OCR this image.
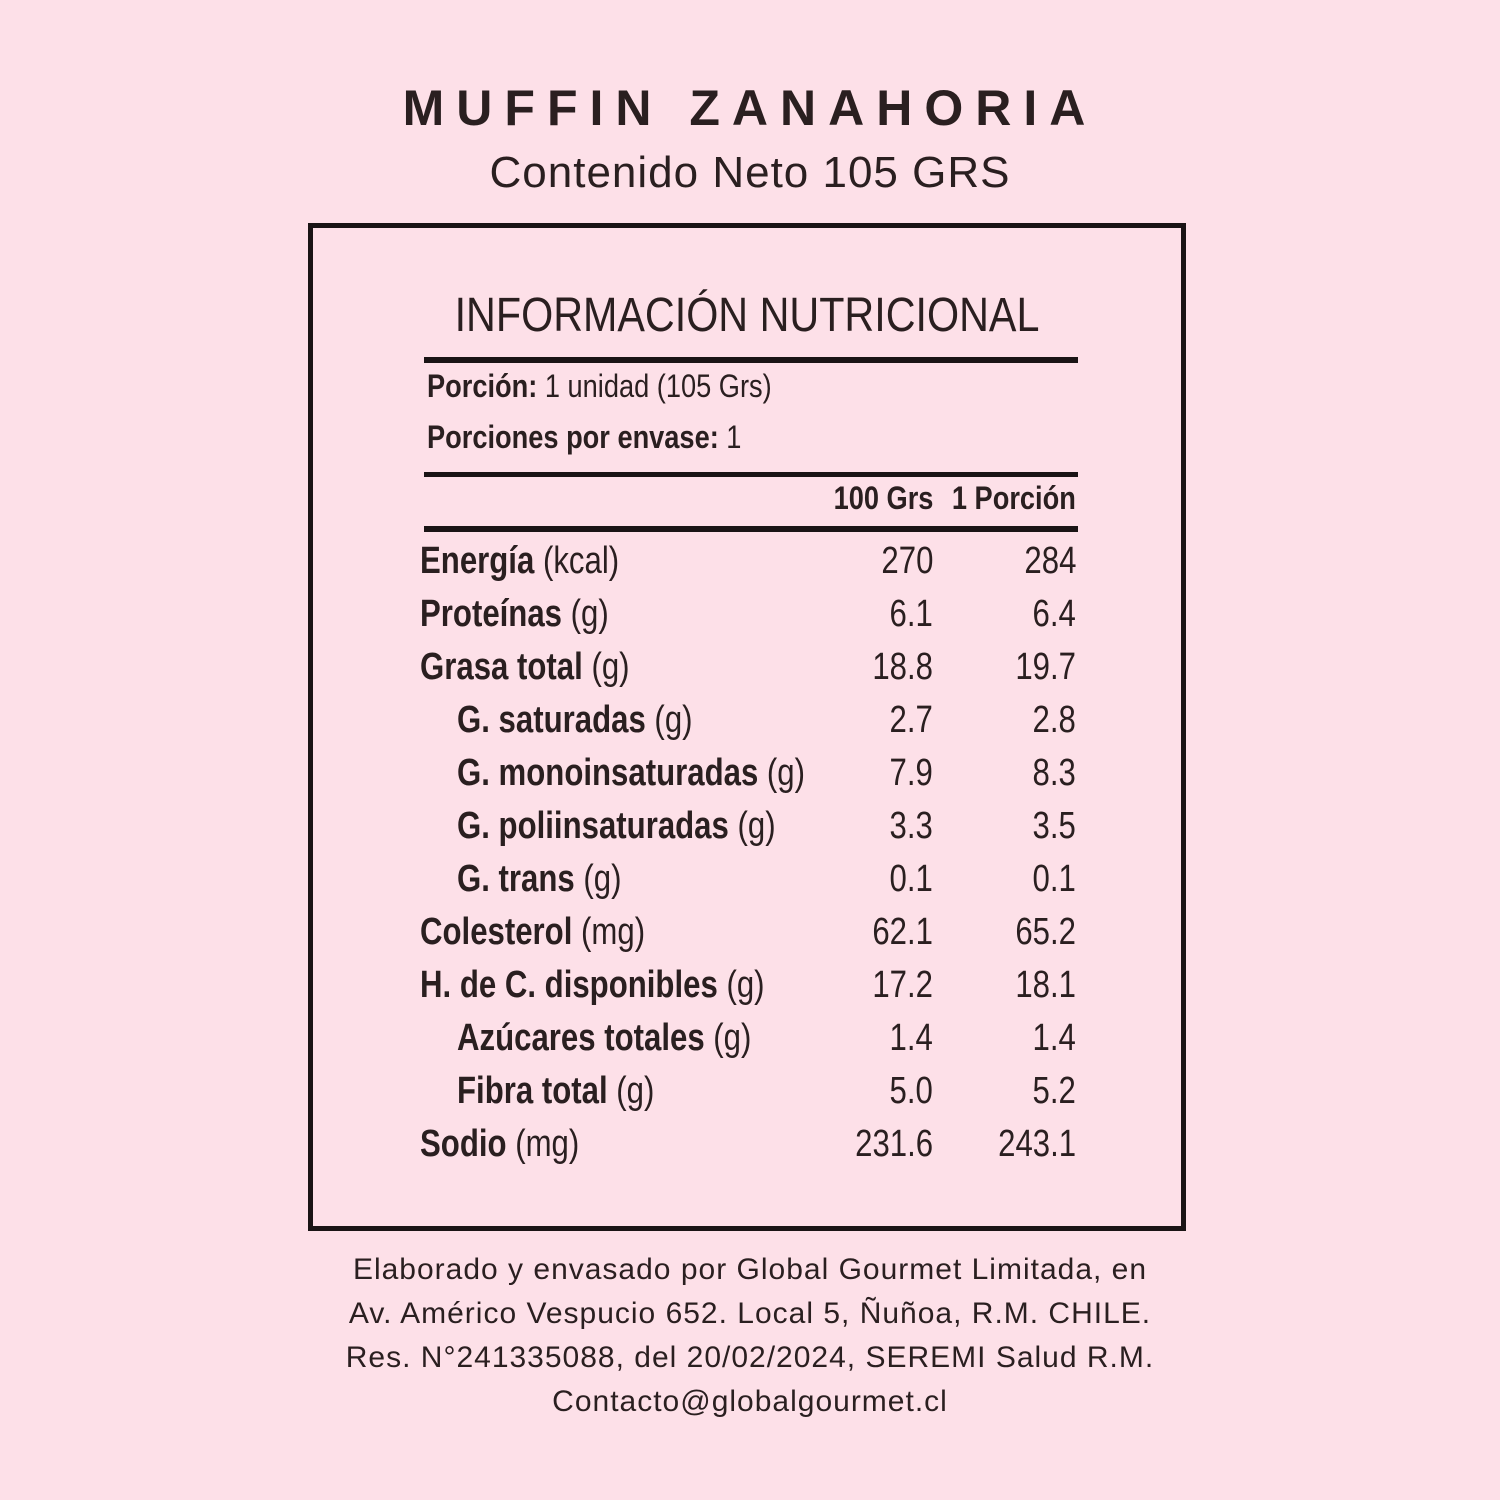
MUFFIN ZANAHORIA
Contenido Neto 105 GRS
INFORMACIÓN NUTRICIONAL
Porción: 1 unidad (105 Grs)
Porciones por envase: 1
100 Grs 1 Porción
Energía (kcal)	270 284
Proteínas (g)	6.1	6.4
Grasa total (g)	18.8 19.7
G. saturadas (g)	2.7	2.8
G. monoinsaturadas (g) 7.9	8.3
G. poliinsaturadas (g)	3.3	3.5
G. trans (g)	0.1	0.1
Colesterol (mg)	62.1 65.2
H. de C. disponibles (g)	17.2 18.1
Azúcares totales (g)	1.4	1.4
Fibra total (g)	5.0	5.2
Sodio (mg)	231.6 243.1
Elaborado y envasado por Global Gourmet Limitada, en
Av. Américo Vespucio 652. Local 5, Ñuñoa, R.M. CHILE.
Res. N°241335088, del 20/02/2024, SEREMI Salud R.M.
Contacto@globalgourmet.cl
